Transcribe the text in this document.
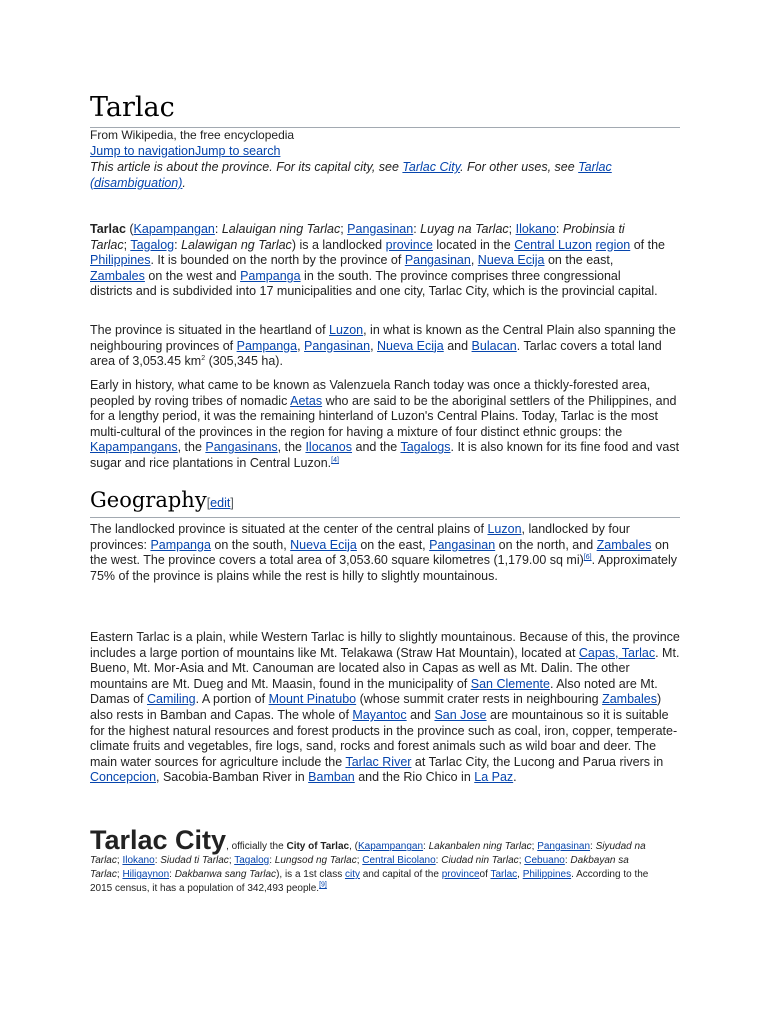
Tarlac
From Wikipedia, the free encyclopedia
Jump to navigationJump to search
This article is about the province. For its capital city, see Tarlac City. For other uses, see Tarlac (disambiguation).

Tarlac (Kapampangan: Lalauigan ning Tarlac; Pangasinan: Luyag na Tarlac; Ilokano: Probinsia ti Tarlac; Tagalog: Lalawigan ng Tarlac) is a landlocked province located in the Central Luzon region of the Philippines. It is bounded on the north by the province of Pangasinan, Nueva Ecija on the east, Zambales on the west and Pampanga in the south. The province comprises three congressional districts and is subdivided into 17 municipalities and one city, Tarlac City, which is the provincial capital.

The province is situated in the heartland of Luzon, in what is known as the Central Plain also spanning the neighbouring provinces of Pampanga, Pangasinan, Nueva Ecija and Bulacan. Tarlac covers a total land area of 3,053.45 $km^2$ (305,345 ha).

Early in history, what came to be known as Valenzuela Ranch today was once a thickly-forested area, peopled by roving tribes of nomadic Aetas who are said to be the aboriginal settlers of the Philippines, and for a lengthy period, it was the remaining hinterland of Luzon's Central Plains. Today, Tarlac is the most multi-cultural of the provinces in the region for having a mixture of four distinct ethnic groups: the Kapampangans, the Pangasinans, the Ilocanos and the Tagalogs. It is also known for its fine food and vast sugar and rice plantations in Central Luzon.[4]

Geography[edit]

The landlocked province is situated at the center of the central plains of Luzon, landlocked by four provinces: Pampanga on the south, Nueva Ecija on the east, Pangasinan on the north, and Zambales on the west. The province covers a total area of 3,053.60 square kilometres (1,179.00 sq mi)[6]. Approximately 75% of the province is plains while the rest is hilly to slightly mountainous.

Eastern Tarlac is a plain, while Western Tarlac is hilly to slightly mountainous. Because of this, the province includes a large portion of mountains like Mt. Telakawa (Straw Hat Mountain), located at Capas, Tarlac. Mt. Bueno, Mt. Mor-Asia and Mt. Canouman are located also in Capas as well as Mt. Dalin. The other mountains are Mt. Dueg and Mt. Maasin, found in the municipality of San Clemente. Also noted are Mt. Damas of Camiling. A portion of Mount Pinatubo (whose summit crater rests in neighbouring Zambales) also rests in Bamban and Capas. The whole of Mayantoc and San Jose are mountainous so it is suitable for the highest natural resources and forest products in the province such as coal, iron, copper, temperate-climate fruits and vegetables, fire logs, sand, rocks and forest animals such as wild boar and deer. The main water sources for agriculture include the Tarlac River at Tarlac City, the Lucong and Parua rivers in Concepcion, Sacobia-Bamban River in Bamban and the Rio Chico in La Paz.

Tarlac City, officially the City of Tarlac, (Kapampangan: Lakanbalen ning Tarlac; Pangasinan: Siyudad na Tarlac; Ilokano: Siudad ti Tarlac; Tagalog: Lungsod ng Tarlac; Central Bicolano: Ciudad nin Tarlac; Cebuano: Dakbayan sa Tarlac; Hiligaynon: Dakbanwa sang Tarlac), is a 1st class city and capital of the provinceof Tarlac, Philippines. According to the 2015 census, it has a population of 342,493 people.[9]
